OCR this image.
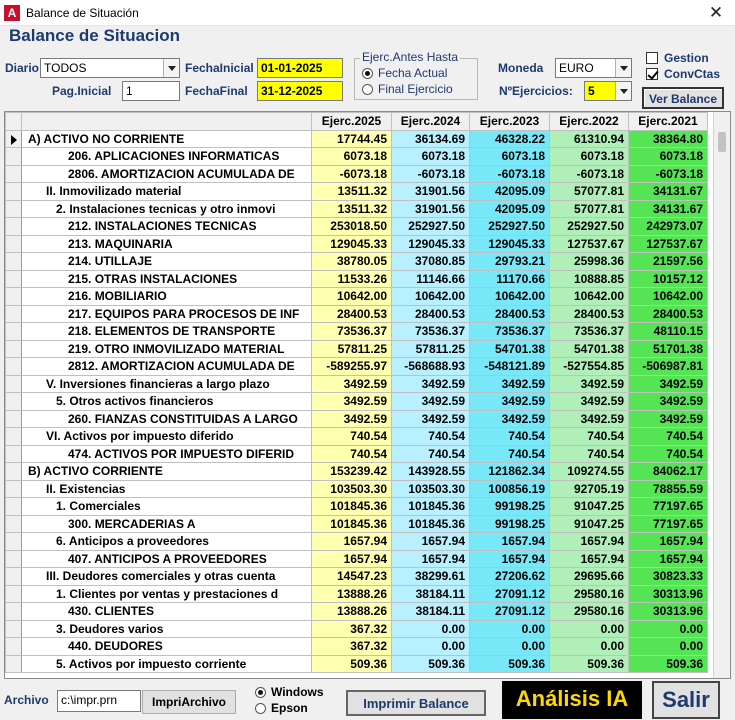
A Balance de Situación	✕
Balance de Situacion
Diario TODOS	FechaInicial 01-01-2025
Pag.Inicial	1	FechaFinal	31-12-2025
Ejerc.Antes Hasta
Fecha Actual
Final Ejercicio
Moneda	EURO
NºEjercicios:	5
Gestion
ConvCtas
Ver Balance
		Ejerc.2025	Ejerc.2024	Ejerc.2023	Ejerc.2022	Ejerc.2021
	A) ACTIVO NO CORRIENTE	17744.45	36134.69	46328.22	61310.94	38364.80
	206. APLICACIONES INFORMATICAS	6073.18	6073.18	6073.18	6073.18	6073.18
	2806. AMORTIZACION ACUMULADA DE	-6073.18	-6073.18	-6073.18	-6073.18	-6073.18
	II. Inmovilizado material	13511.32	31901.56	42095.09	57077.81	34131.67
	2. Instalaciones tecnicas y otro inmovi	13511.32	31901.56	42095.09	57077.81	34131.67
	212. INSTALACIONES TECNICAS	253018.50	252927.50	252927.50	252927.50	242973.07
	213. MAQUINARIA	129045.33	129045.33	129045.33	127537.67	127537.67
	214. UTILLAJE	38780.05	37080.85	29793.21	25998.36	21597.56
	215. OTRAS INSTALACIONES	11533.26	11146.66	11170.66	10888.85	10157.12
	216. MOBILIARIO	10642.00	10642.00	10642.00	10642.00	10642.00
	217. EQUIPOS PARA PROCESOS DE INF	28400.53	28400.53	28400.53	28400.53	28400.53
	218. ELEMENTOS DE TRANSPORTE	73536.37	73536.37	73536.37	73536.37	48110.15
	219. OTRO INMOVILIZADO MATERIAL	57811.25	57811.25	54701.38	54701.38	51701.38
	2812. AMORTIZACION ACUMULADA DE	-589255.97	-568688.93	-548121.89	-527554.85	-506987.81
	V. Inversiones financieras a largo plazo	3492.59	3492.59	3492.59	3492.59	3492.59
	5. Otros activos financieros	3492.59	3492.59	3492.59	3492.59	3492.59
	260. FIANZAS CONSTITUIDAS A LARGO	3492.59	3492.59	3492.59	3492.59	3492.59
	VI. Activos por impuesto diferido	740.54	740.54	740.54	740.54	740.54
	474. ACTIVOS POR IMPUESTO DIFERID	740.54	740.54	740.54	740.54	740.54
	B) ACTIVO CORRIENTE	153239.42	143928.55	121862.34	109274.55	84062.17
	II. Existencias	103503.30	103503.30	100856.19	92705.19	78855.59
	1. Comerciales	101845.36	101845.36	99198.25	91047.25	77197.65
	300. MERCADERIAS A	101845.36	101845.36	99198.25	91047.25	77197.65
	6. Anticipos a proveedores	1657.94	1657.94	1657.94	1657.94	1657.94
	407. ANTICIPOS A PROVEEDORES	1657.94	1657.94	1657.94	1657.94	1657.94
	III. Deudores comerciales y otras cuenta	14547.23	38299.61	27206.62	29695.66	30823.33
	1. Clientes por ventas y prestaciones d	13888.26	38184.11	27091.12	29580.16	30313.96
	430. CLIENTES	13888.26	38184.11	27091.12	29580.16	30313.96
	3. Deudores varios	367.32	0.00	0.00	0.00	0.00
	440. DEUDORES	367.32	0.00	0.00	0.00	0.00
	5. Activos por impuesto corriente	509.36	509.36	509.36	509.36	509.36
Archivo	c:\impr.prn	ImpriArchivo
Windows
Epson	Imprimir Balance	Análisis IA	Salir
